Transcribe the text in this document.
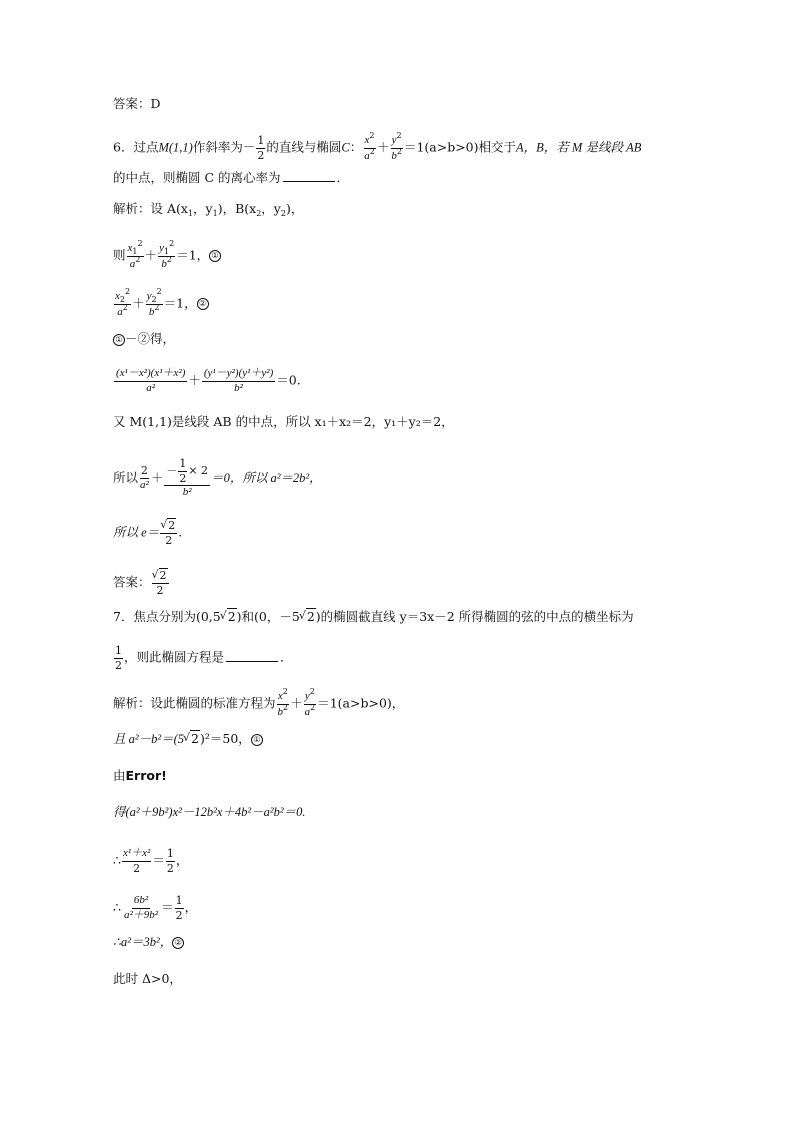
答案：D
6．过点M(1,1)作斜率为－ $\frac{1}{2}$ 的直线与椭圆C： $\frac{x^2}{a^2} + \frac{y^2}{b^2} =1(a>b>0)$相交于A，B，若 M 是线段 AB
的中点，则椭圆 C 的离心率为	．
解析：设 $A(x_1$，$y_1$)，$B(x_2$，$y_2$)，
则 $\frac{x_1^2}{a^2} + \frac{y_1^2}{b^2} =1$， ①
$\frac{x_2^2}{a^2} + \frac{y_2^2}{b^2} =1$， ②
① －②得，
$\frac{\text{(x¹－x²)(x¹＋x²)}}{\text{a²}} + \frac{\text{(y¹－y²)(y¹＋y²)}}{\text{b²}} =0$.
又 M(1,1)是线段 AB 的中点，所以 x₁＋x₂＝2，y₁＋y₂＝2，
所以 $\frac{2}{\text{a²}} + \frac{- \frac{1}{2} \times 2}{\text{b²}} =0$，所以 a²＝2b²，
所以 e＝ √ $\frac{2}{2}$ .
答案： √ $\frac{2}{2}$
7．焦点分别为(0,5 √ 2)和(0，－5 √ 2)的椭圆截直线 y＝3x－2 所得椭圆的弦的中点的横坐标为
$\frac{1}{2}$ ，则此椭圆方程是	．
解析：设此椭圆的标准方程为 $\frac{x^2}{b^2} + \frac{y^2}{a^2} =1(a>b>0)$，
且 a²－b²＝(5 √ 2)²＝50， ①
由Error!
得(a²＋9b²)x²－12b²x＋4b²－a²b²＝0.
∴ $\frac{\text{x¹＋x²}}{2} = \frac{1}{2}$ ，
∴ $\frac{\text{6b²}}{\text{a²＋9b²}} = \frac{1}{2}$ ，
∴a²＝3b²， ②
此时 Δ>0，
